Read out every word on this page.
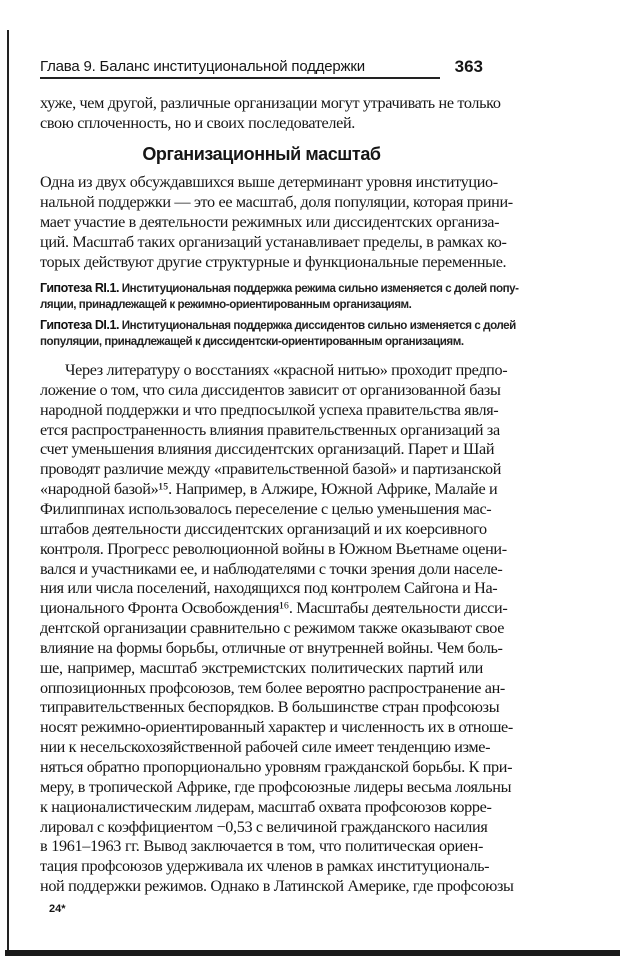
Глава 9. Баланс институциональной поддержки	363
хуже, чем другой, различные организации могут утрачивать не только
свою сплоченность, но и своих последователей.
Организационный масштаб
Одна из двух обсуждавшихся выше детерминант уровня институцио-
нальной поддержки — это ее масштаб, доля популяции, которая прини-
мает участие в деятельности режимных или диссидентских организа-
ций. Масштаб таких организаций устанавливает пределы, в рамках ко-
торых действуют другие структурные и функциональные переменные.
Гипотеза RI.1. Институциональная поддержка режима сильно изменяется с долей попу-
ляции, принадлежащей к режимно-ориентированным организациям.
Гипотеза DI.1. Институциональная поддержка диссидентов сильно изменяется с долей
популяции, принадлежащей к диссидентски-ориентированным организациям.
Через литературу о восстаниях «красной нитью» проходит предпо-
ложение о том, что сила диссидентов зависит от организованной базы
народной поддержки и что предпосылкой успеха правительства явля-
ется распространенность влияния правительственных организаций за
счет уменьшения влияния диссидентских организаций. Парет и Шай
проводят различие между «правительственной базой» и партизанской
«народной базой»¹⁵. Например, в Алжире, Южной Африке, Малайе и
Филиппинах использовалось переселение с целью уменьшения мас-
штабов деятельности диссидентских организаций и их коерсивного
контроля. Прогресс революционной войны в Южном Вьетнаме оцени-
вался и участниками ее, и наблюдателями с точки зрения доли населе-
ния или числа поселений, находящихся под контролем Сайгона и На-
ционального Фронта Освобождения¹⁶. Масштабы деятельности дисси-
дентской организации сравнительно с режимом также оказывают свое
влияние на формы борьбы, отличные от внутренней войны. Чем боль-
ше, например, масштаб экстремистских политических партий или
оппозиционных профсоюзов, тем более вероятно распространение ан-
типравительственных беспорядков. В большинстве стран профсоюзы
носят режимно-ориентированный характер и численность их в отноше-
нии к несельскохозяйственной рабочей силе имеет тенденцию изме-
няться обратно пропорционально уровням гражданской борьбы. К при-
меру, в тропической Африке, где профсоюзные лидеры весьма лояльны
к националистическим лидерам, масштаб охвата профсоюзов корре-
лировал с коэффициентом −0,53 с величиной гражданского насилия
в 1961–1963 гг. Вывод заключается в том, что политическая ориен-
тация профсоюзов удерживала их членов в рамках институциональ-
ной поддержки режимов. Однако в Латинской Америке, где профсоюзы
24*
